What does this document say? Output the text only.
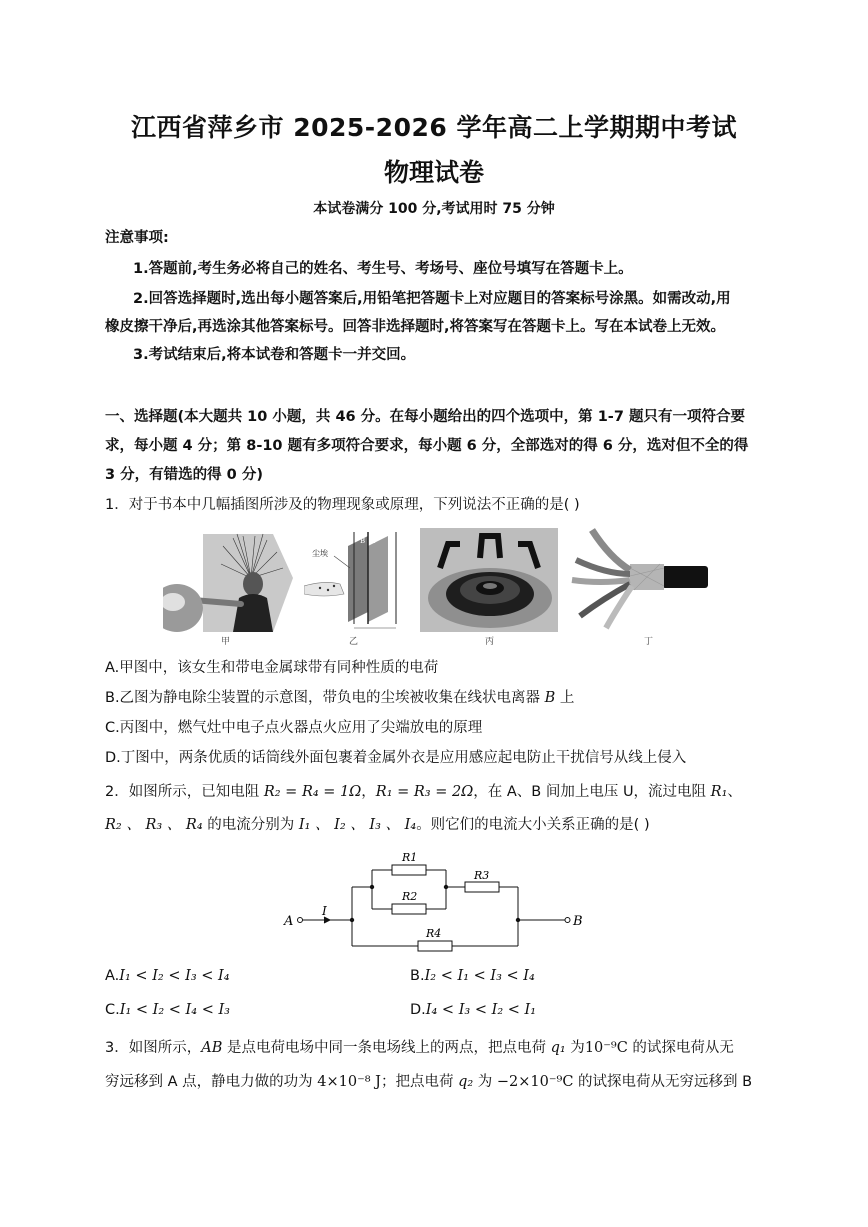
江西省萍乡市 2025-2026 学年高二上学期期中考试
物理试卷
本试卷满分 100 分,考试用时 75 分钟
注意事项:
1.答题前,考生务必将自己的姓名、考生号、考场号、座位号填写在答题卡上。
2.回答选择题时,选出每小题答案后,用铅笔把答题卡上对应题目的答案标号涂黑。如需改动,用
橡皮擦干净后,再选涂其他答案标号。回答非选择题时,将答案写在答题卡上。写在本试卷上无效。
3.考试结束后,将本试卷和答题卡一并交回。
一、选择题(本大题共 10 小题，共 46 分。在每小题给出的四个选项中，第 1-7 题只有一项符合要
求，每小题 4 分；第 8-10 题有多项符合要求，每小题 6 分，全部选对的得 6 分，选对但不全的得
3 分，有错选的得 0 分)
1．对于书本中几幅插图所涉及的物理现象或原理，下列说法不正确的是( )
甲
尘埃
A
B
乙	丙	丁
A.甲图中，该女生和带电金属球带有同种性质的电荷
B.乙图为静电除尘装置的示意图，带负电的尘埃被收集在线状电离器 B 上
C.丙图中，燃气灶中电子点火器点火应用了尖端放电的原理
D.丁图中，两条优质的话筒线外面包裹着金属外衣是应用感应起电防止干扰信号从线上侵入
2．如图所示，已知电阻 R₂ = R₄ = 1Ω，R₁ = R₃ = 2Ω，在 A、B 间加上电压 U，流过电阻 R₁、
R₂ 、 R₃ 、 R₄ 的电流分别为 I₁ 、 I₂ 、 I₃ 、 I₄。则它们的电流大小关系正确的是( )
A	B
I
R1
R2
R3
R4
A.I₁ < I₂ < I₃ < I₄	B.I₂ < I₁ < I₃ < I₄
C.I₁ < I₂ < I₄ < I₃	D.I₄ < I₃ < I₂ < I₁
3．如图所示，AB 是点电荷电场中同一条电场线上的两点，把点电荷 q₁ 为10⁻⁹C 的试探电荷从无
穷远移到 A 点，静电力做的功为 4×10⁻⁸ J；把点电荷 q₂ 为 −2×10⁻⁹C 的试探电荷从无穷远移到 B
